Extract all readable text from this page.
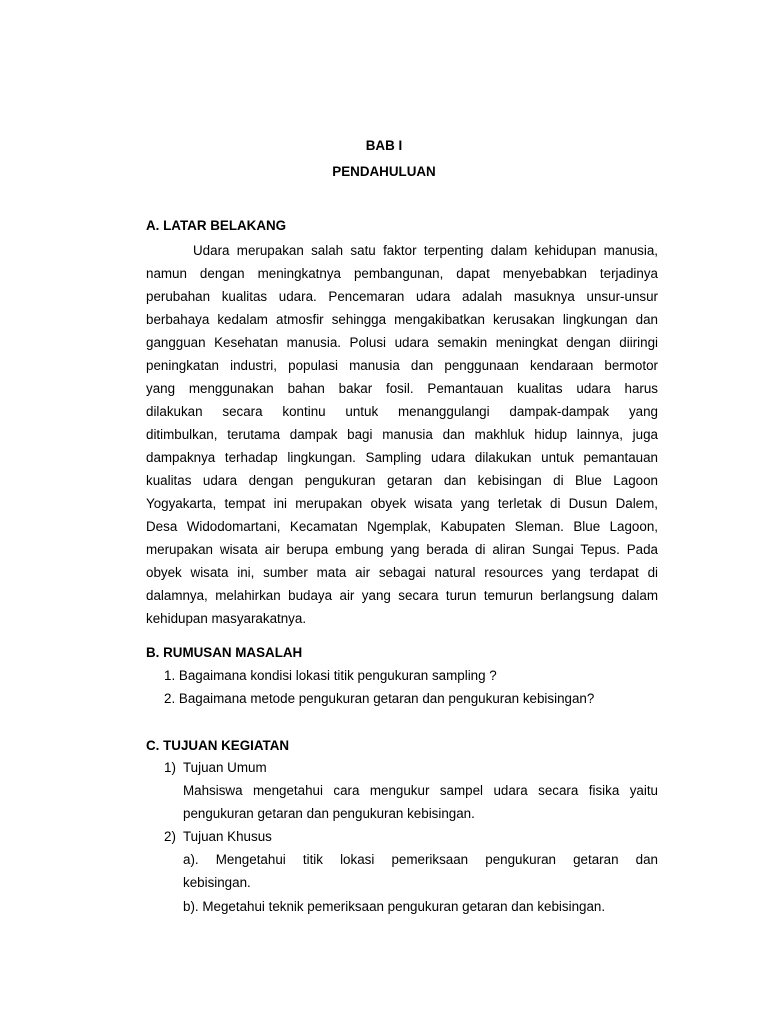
BAB I
PENDAHULUAN
A. LATAR BELAKANG
Udara merupakan salah satu faktor terpenting dalam kehidupan manusia,
namun dengan meningkatnya pembangunan, dapat menyebabkan terjadinya
perubahan kualitas udara. Pencemaran udara adalah masuknya unsur-unsur
berbahaya kedalam atmosfir sehingga mengakibatkan kerusakan lingkungan dan
gangguan Kesehatan manusia. Polusi udara semakin meningkat dengan diiringi
peningkatan industri, populasi manusia dan penggunaan kendaraan bermotor
yang menggunakan bahan bakar fosil. Pemantauan kualitas udara harus
dilakukan secara kontinu untuk menanggulangi dampak-dampak yang
ditimbulkan, terutama dampak bagi manusia dan makhluk hidup lainnya, juga
dampaknya terhadap lingkungan. Sampling udara dilakukan untuk pemantauan
kualitas udara dengan pengukuran getaran dan kebisingan di Blue Lagoon
Yogyakarta, tempat ini merupakan obyek wisata yang terletak di Dusun Dalem,
Desa Widodomartani, Kecamatan Ngemplak, Kabupaten Sleman. Blue Lagoon,
merupakan wisata air berupa embung yang berada di aliran Sungai Tepus. Pada
obyek wisata ini, sumber mata air sebagai natural resources yang terdapat di
dalamnya, melahirkan budaya air yang secara turun temurun berlangsung dalam
kehidupan masyarakatnya.
B. RUMUSAN MASALAH
1. Bagaimana kondisi lokasi titik pengukuran sampling ?
2. Bagaimana metode pengukuran getaran dan pengukuran kebisingan?
C. TUJUAN KEGIATAN
1) Tujuan Umum
Mahsiswa mengetahui cara mengukur sampel udara secara fisika yaitu
pengukuran getaran dan pengukuran kebisingan.
2) Tujuan Khusus
a). Mengetahui titik lokasi pemeriksaan pengukuran getaran dan
kebisingan.
b). Megetahui teknik pemeriksaan pengukuran getaran dan kebisingan.
